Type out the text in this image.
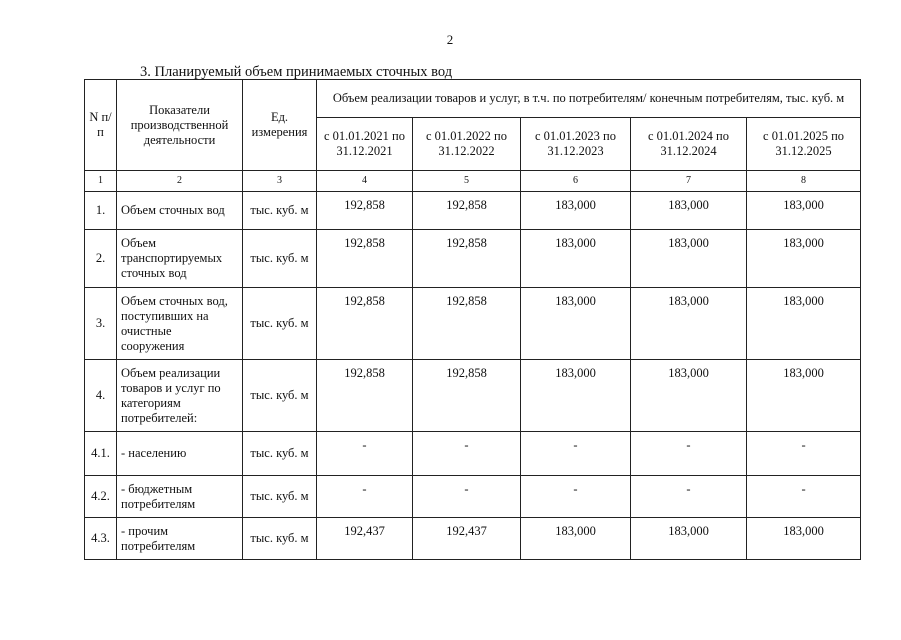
2
3. Планируемый объем принимаемых сточных вод
N п/п	Показатели производственной деятельности	Ед. измерения	Объем реализации товаров и услуг, в т.ч. по потребителям/ конечным потребителям, тыс. куб. м				
			с 01.01.2021 по 31.12.2021	с 01.01.2022 по 31.12.2022	с 01.01.2023 по 31.12.2023	с 01.01.2024 по 31.12.2024	с 01.01.2025 по 31.12.2025
1	2	3	4	5	6	7	8
1.	Объем сточных вод	тыс. куб. м	192,858	192,858	183,000	183,000	183,000
2.	Объем транспортируемых сточных вод	тыс. куб. м	192,858	192,858	183,000	183,000	183,000
3.	Объем сточных вод, поступивших на очистные сооружения	тыс. куб. м	192,858	192,858	183,000	183,000	183,000
4.	Объем реализации товаров и услуг по категориям потребителей:	тыс. куб. м	192,858	192,858	183,000	183,000	183,000
4.1.	- населению	тыс. куб. м	-	-	-	-	-
4.2.	- бюджетным потребителям	тыс. куб. м	-	-	-	-	-
4.3.	- прочим потребителям	тыс. куб. м	192,437	192,437	183,000	183,000	183,000
